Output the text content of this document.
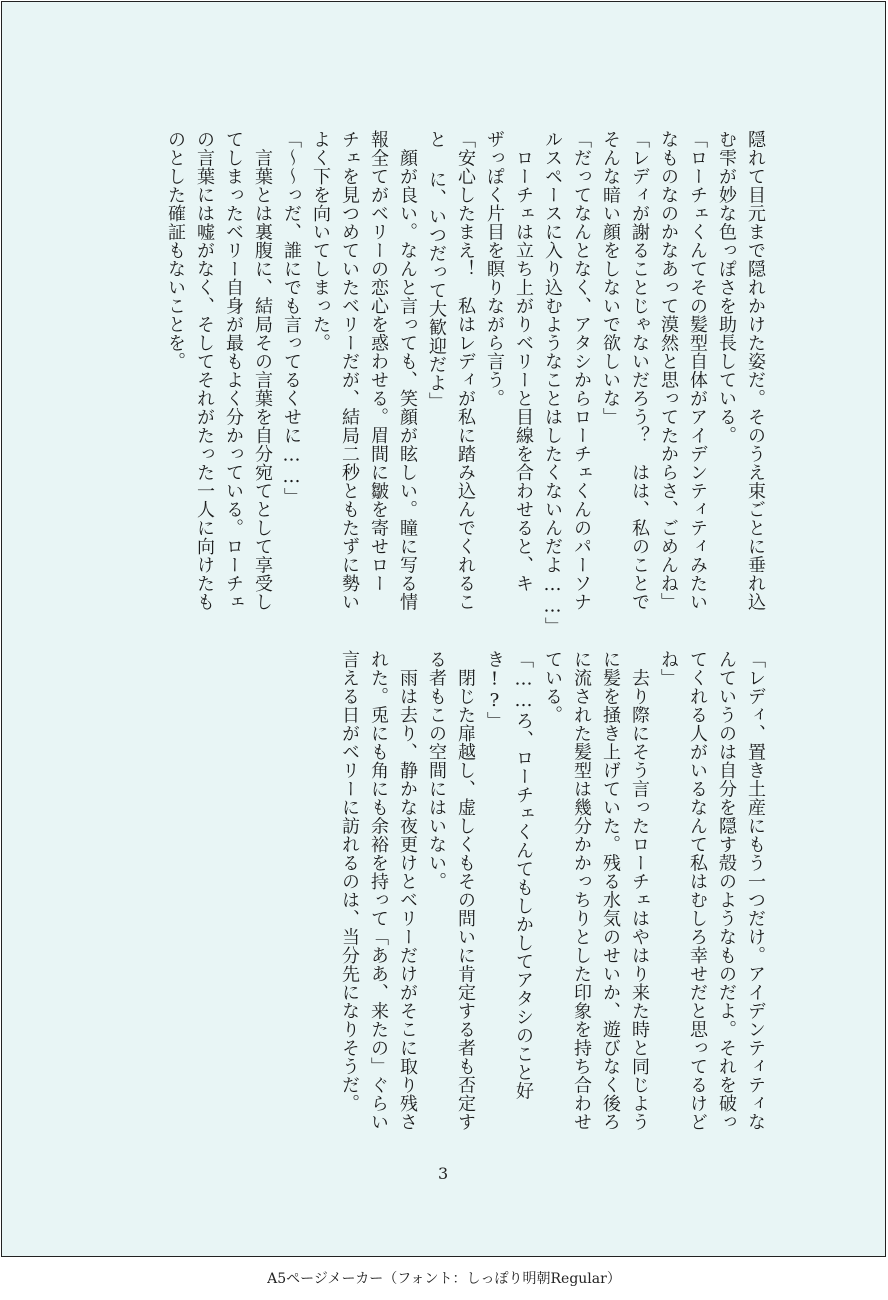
隠れて目元まで隠れかけた姿だ。そのうえ束ごとに垂れ込
む雫が妙な色っぽさを助長している。
「ローチェくんてその髪型自体がアイデンティティみたい
なものなのかなあって漠然と思ってたからさ、ごめんね」
「レディが謝ることじゃないだろう？　はは、私のことで
そんな暗い顔をしないで欲しいな」
「だってなんとなく、アタシからローチェくんのパーソナ
ルスペースに入り込むようなことはしたくないんだよ……」
　ローチェは立ち上がりベリーと目線を合わせると、キ
ザっぽく片目を瞑りながら言う。
「安心したまえ！　私はレディが私に踏み込んでくれるこ
と に、いつだって大歓迎だよ」
　顔が良い。なんと言っても、笑顔が眩しい。瞳に写る情
報全てがベリーの恋心を惑わせる。眉間に皺を寄せロー
チェを見つめていたベリーだが、結局二秒ともたずに勢い
よく下を向いてしまった。
「～～っだ、誰にでも言ってるくせに……」
　言葉とは裏腹に、結局その言葉を自分宛てとして享受し
てしまったベリー自身が最もよく分かっている。ローチェ
の言葉には嘘がなく、そしてそれがたった一人に向けたも
のとした確証もないことを。
「レディ、置き土産にもう一つだけ。アイデンティティな
んていうのは自分を隠す殻のようなものだよ。それを破っ
てくれる人がいるなんて私はむしろ幸せだと思ってるけど
ね」
　去り際にそう言ったローチェはやはり来た時と同じよう
に髪を掻き上げていた。残る水気のせいか、遊びなく後ろ
に流された髪型は幾分かかっちりとした印象を持ち合わせ
ている。
「……ろ、ローチェくんてもしかしてアタシのこと好
き!?」
　閉じた扉越し、虚しくもその問いに肯定する者も否定す
る者もこの空間にはいない。
　雨は去り、静かな夜更けとベリーだけがそこに取り残さ
れた。兎にも角にも余裕を持って「ああ、来たの」ぐらい
言える日がベリーに訪れるのは、当分先になりそうだ。
3
A5ページメーカー（フォント：しっぽり明朝Regular）
